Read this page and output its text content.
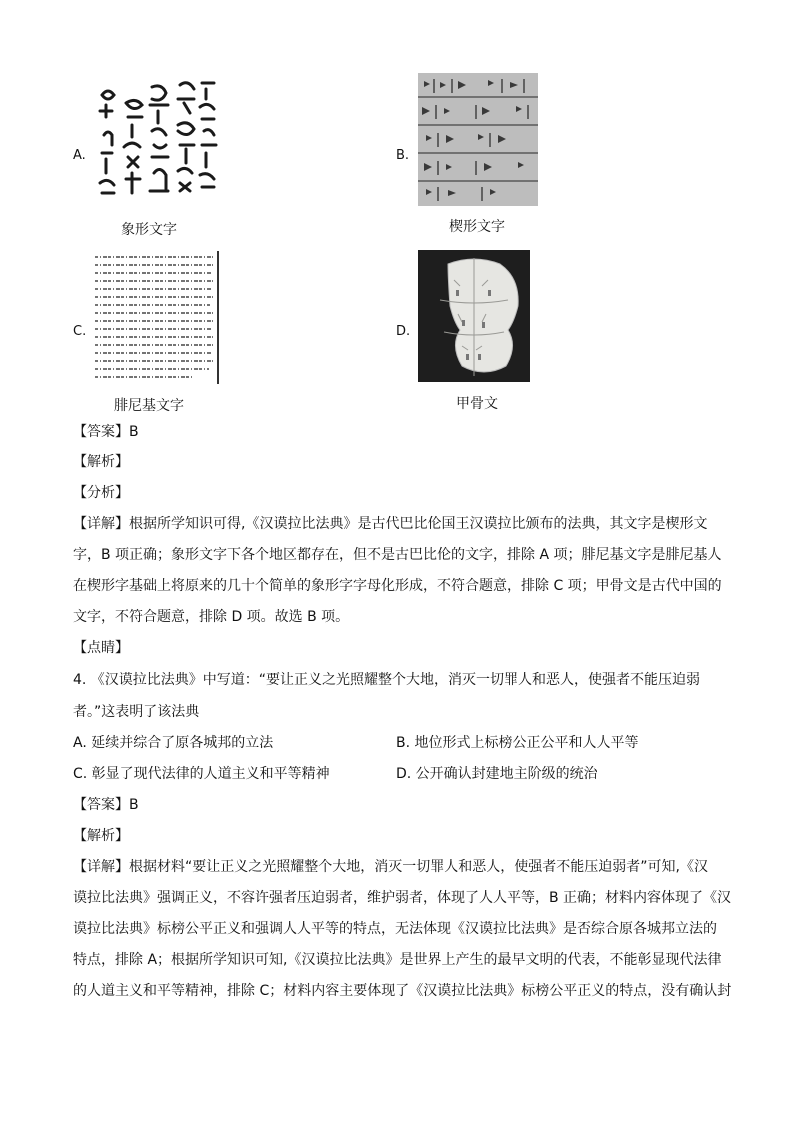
A.
象形文字
B.
楔形文字
C.
腓尼基文字
D.
甲骨文
【答案】B
【解析】
【分析】
【详解】根据所学知识可得,《汉谟拉比法典》是古代巴比伦国王汉谟拉比颁布的法典，其文字是楔形文
字，B 项正确；象形文字下各个地区都存在，但不是古巴比伦的文字，排除 A 项；腓尼基文字是腓尼基人
在楔形字基础上将原来的几十个简单的象形字字母化形成，不符合题意，排除 C 项；甲骨文是古代中国的
文字，不符合题意，排除 D 项。故选 B 项。
【点睛】
4. 《汉谟拉比法典》中写道：“要让正义之光照耀整个大地，消灭一切罪人和恶人，使强者不能压迫弱
者。”这表明了该法典
A. 延续并综合了原各城邦的立法	B. 地位形式上标榜公正公平和人人平等
C. 彰显了现代法律的人道主义和平等精神	D. 公开确认封建地主阶级的统治
【答案】B
【解析】
【详解】根据材料“要让正义之光照耀整个大地，消灭一切罪人和恶人，使强者不能压迫弱者”可知,《汉
谟拉比法典》强调正义，不容许强者压迫弱者，维护弱者，体现了人人平等，B 正确；材料内容体现了《汉
谟拉比法典》标榜公平正义和强调人人平等的特点，无法体现《汉谟拉比法典》是否综合原各城邦立法的
特点，排除 A；根据所学知识可知,《汉谟拉比法典》是世界上产生的最早文明的代表，不能彰显现代法律
的人道主义和平等精神，排除 C；材料内容主要体现了《汉谟拉比法典》标榜公平正义的特点，没有确认封
